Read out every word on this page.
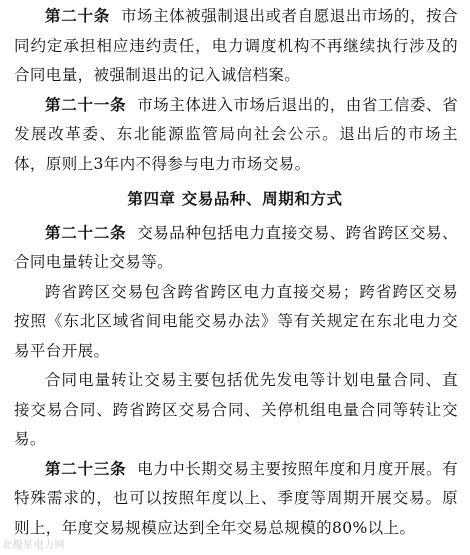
第二十条 市场主体被强制退出或者自愿退出市场的，按合同约定承担相应违约责任，电力调度机构不再继续执行涉及的合同电量，被强制退出的记入诚信档案。

第二十一条 市场主体进入市场后退出的，由省工信委、省发展改革委、东北能源监管局向社会公示。退出后的市场主体，原则上3年内不得参与电力市场交易。

第四章 交易品种、周期和方式

第二十二条 交易品种包括电力直接交易、跨省跨区交易、合同电量转让交易等。

跨省跨区交易包含跨省跨区电力直接交易；跨省跨区交易按照《东北区域省间电能交易办法》等有关规定在东北电力交易平台开展。

合同电量转让交易主要包括优先发电等计划电量合同、直接交易合同、跨省跨区交易合同、关停机组电量合同等转让交易。

第二十三条 电力中长期交易主要按照年度和月度开展。有特殊需求的，也可以按照年度以上、季度等周期开展交易。原则上，年度交易规模应达到全年交易总规模的80%以上。

北极星电力网
